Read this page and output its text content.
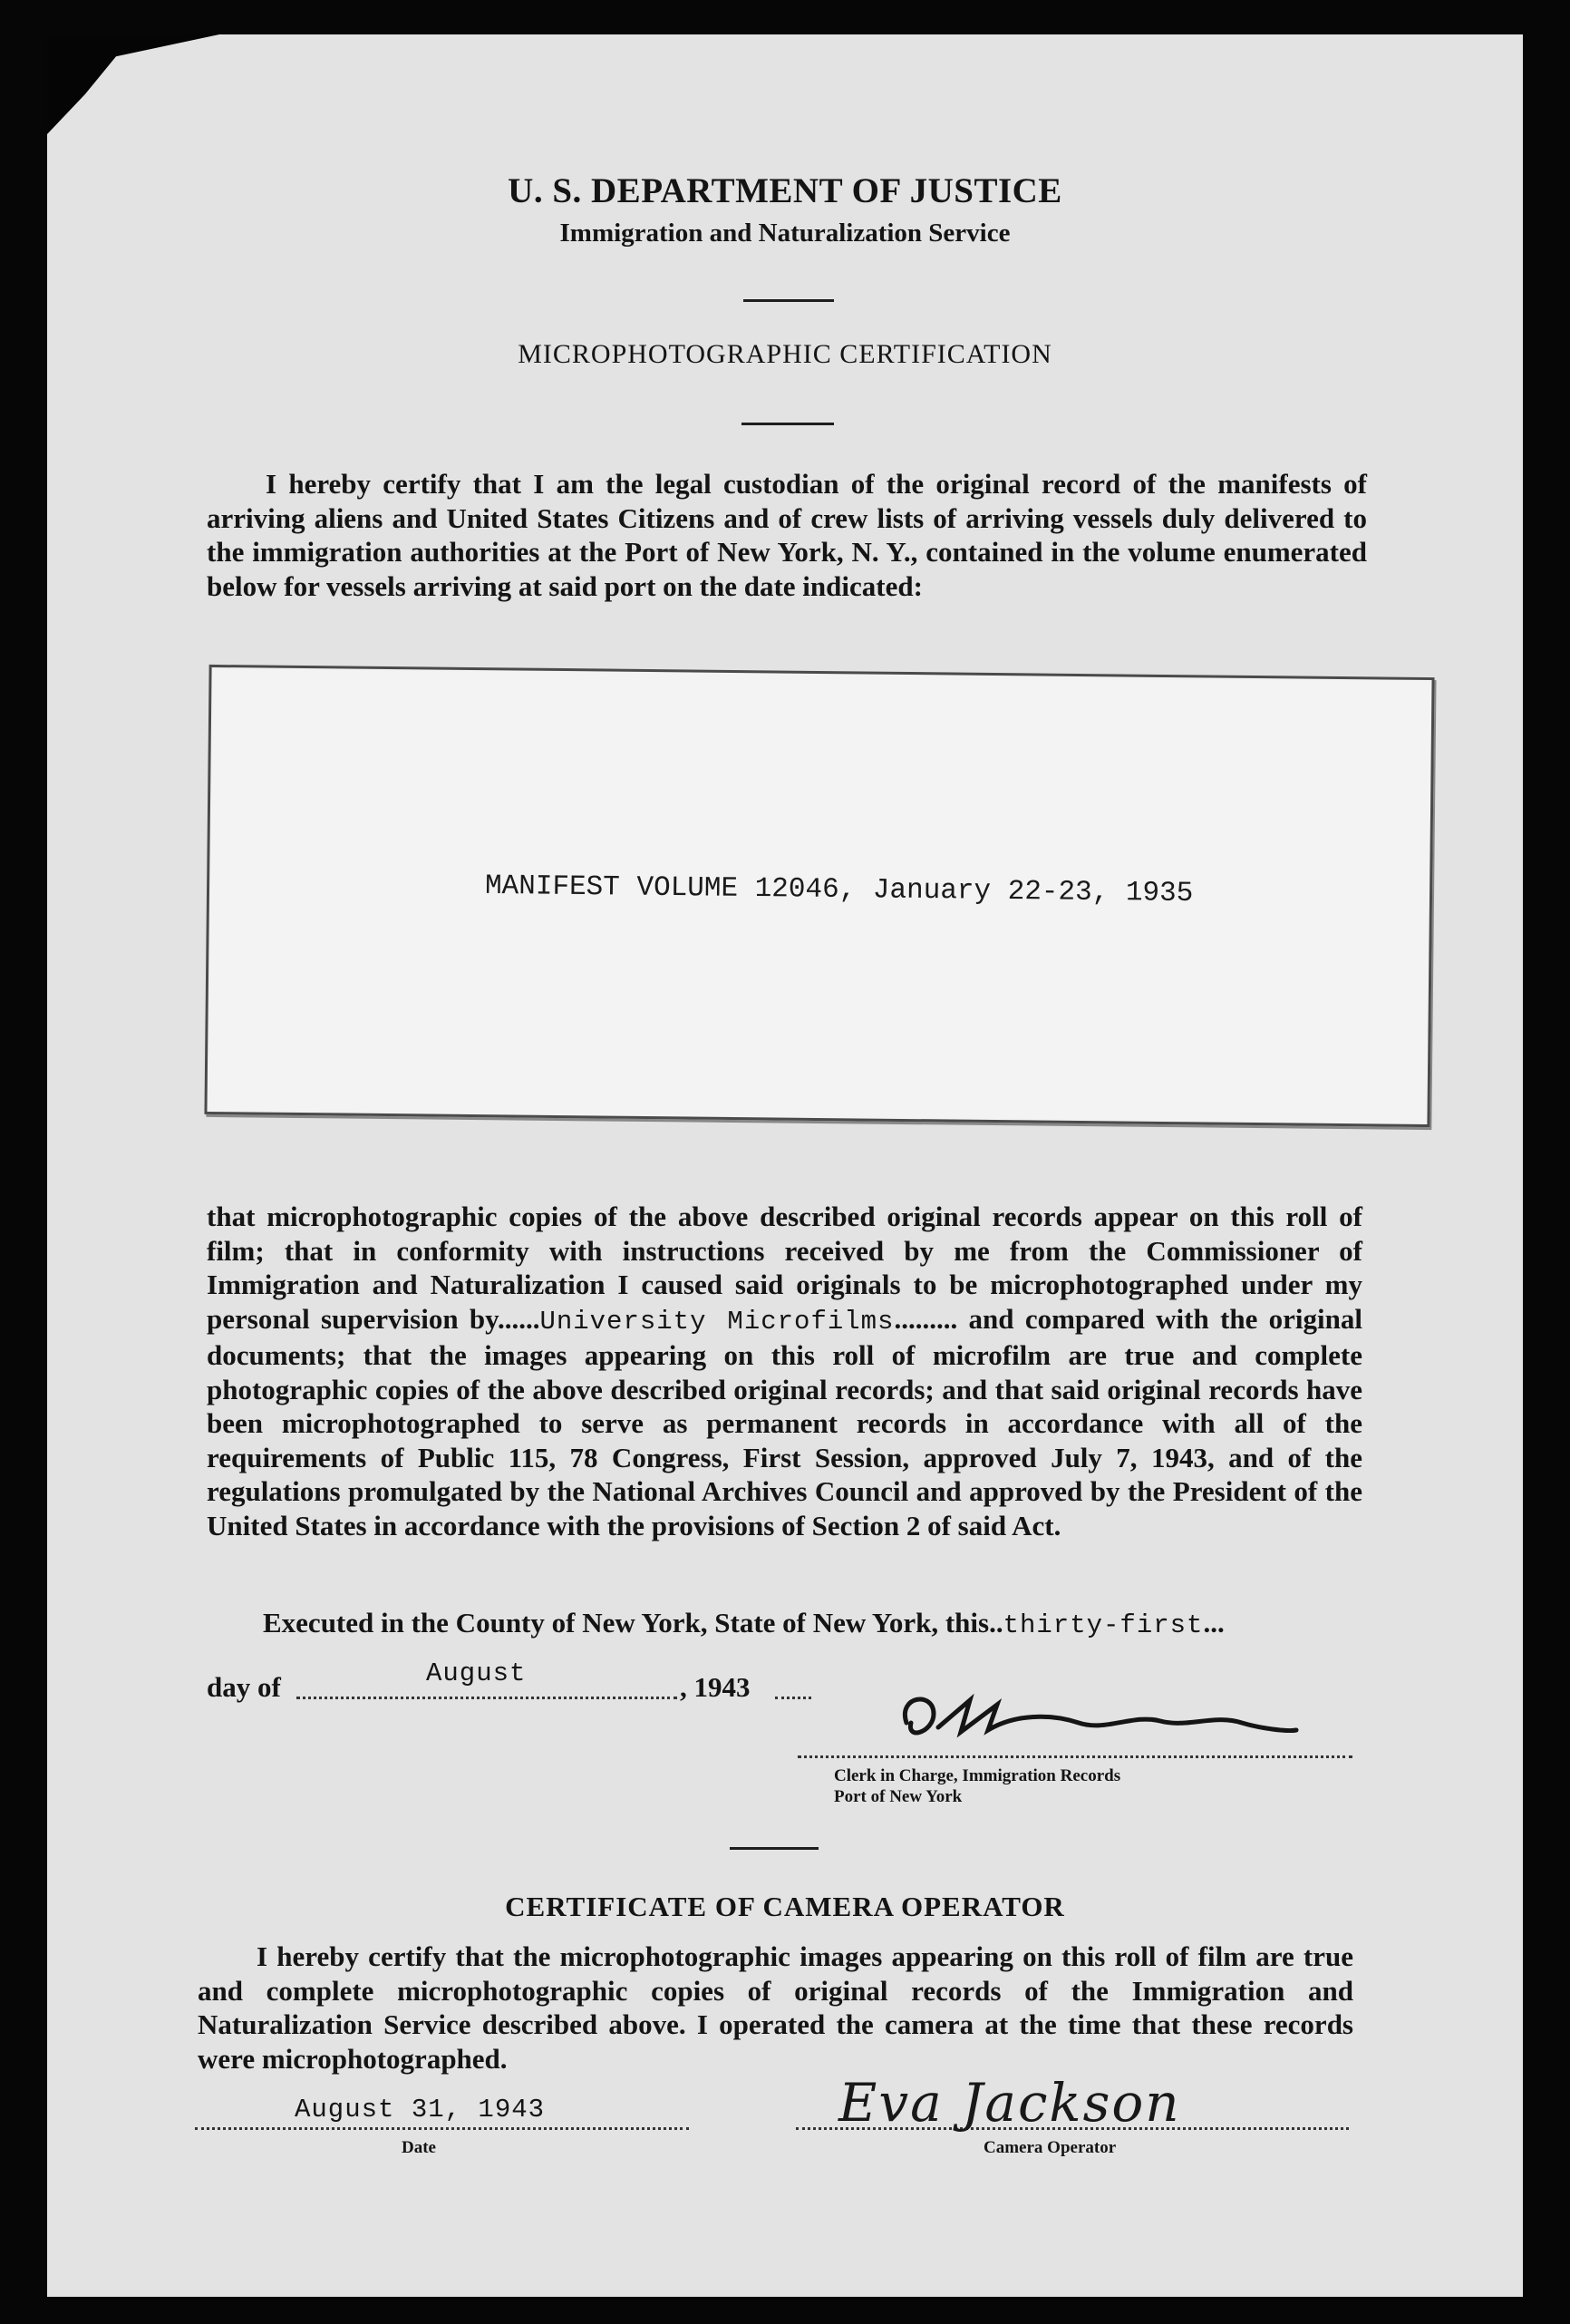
U. S. DEPARTMENT OF JUSTICE
Immigration and Naturalization Service
MICROPHOTOGRAPHIC CERTIFICATION

I hereby certify that I am the legal custodian of the original record of the manifests of arriving aliens and United States Citizens and of crew lists of arriving vessels duly delivered to the immigration authorities at the Port of New York, N. Y., contained in the volume enumerated below for vessels arriving at said port on the date indicated:

MANIFEST VOLUME 12046, January 22-23, 1935

that microphotographic copies of the above described original records appear on this roll of film; that in conformity with instructions received by me from the Commissioner of Immigration and Naturalization I caused said originals to be microphotographed under my personal supervision by......University Microfilms......... and compared with the original documents; that the images appearing on this roll of microfilm are true and complete photographic copies of the above described original records; and that said original records have been microphotographed to serve as permanent records in accordance with all of the requirements of Public 115, 78 Congress, First Session, approved July 7, 1943, and of the regulations promulgated by the National Archives Council and approved by the President of the United States in accordance with the provisions of Section 2 of said Act.

Executed in the County of New York, State of New York, this..thirty-first...
day of	August	, 1943
Clerk in Charge, Immigration Records
Port of New York
CERTIFICATE OF CAMERA OPERATOR

I hereby certify that the microphotographic images appearing on this roll of film are true and complete microphotographic copies of original records of the Immigration and Naturalization Service described above. I operated the camera at the time that these records were microphotographed.

August 31, 1943
Date
Eva Jackson
Camera Operator
